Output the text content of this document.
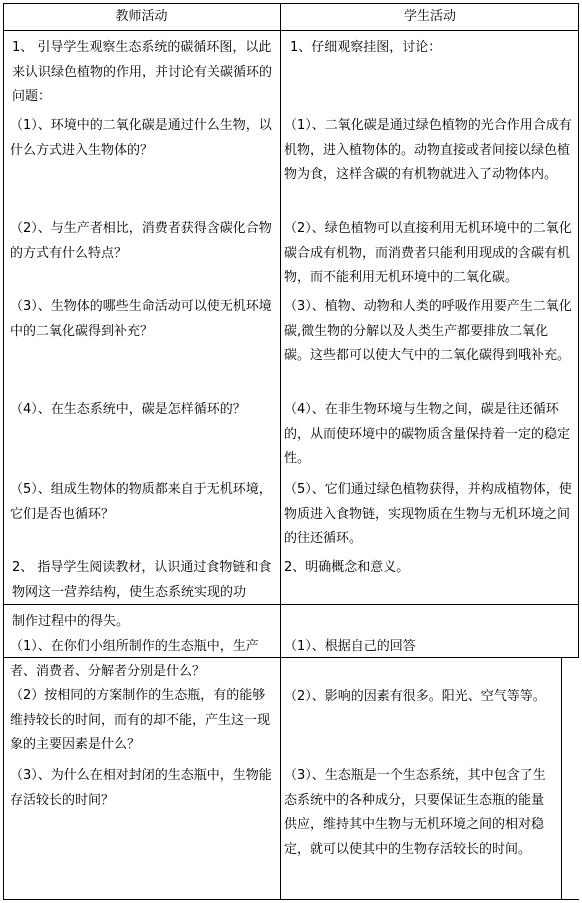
教师活动	学生活动
1、 引导学生观察生态系统的碳循环图，以此来认识绿色植物的作用，并讨论有关碳循环的问题：
（1）、环境中的二氧化碳是通过什么生物，以什么方式进入生物体的？
（2）、与生产者相比，消费者获得含碳化合物的方式有什么特点？
（3）、生物体的哪些生命活动可以使无机环境中的二氧化碳得到补充？
（4）、在生态系统中，碳是怎样循环的？
（5）、组成生物体的物质都来自于无机环境，它们是否也循环？
2、 指导学生阅读教材，认识通过食物链和食物网这一营养结构，使生态系统实现的功
1、仔细观察挂图，讨论：
（1）、二氧化碳是通过绿色植物的光合作用合成有机物，进入植物体的。动物直接或者间接以绿色植物为食，这样含碳的有机物就进入了动物体内。
（2）、绿色植物可以直接利用无机环境中的二氧化碳合成有机物，而消费者只能利用现成的含碳有机物，而不能利用无机环境中的二氧化碳。
（3）、植物、动物和人类的呼吸作用要产生二氧化碳,微生物的分解以及人类生产都要排放二氧化碳。这些都可以使大气中的二氧化碳得到哦补充。
（4）、在非生物环境与生物之间，碳是往还循环的，从而使环境中的碳物质含量保持着一定的稳定性。
（5）、它们通过绿色植物获得，并构成植物体，使物质进入食物链，实现物质在生物与无机环境之间的往还循环。
2、明确概念和意义。
制作过程中的得失。
（1）、在你们小组所制作的生态瓶中，生产者、消费者、分解者分别是什么？
（2）按相同的方案制作的生态瓶，有的能够维持较长的时间，而有的却不能，产生这一现象的主要因素是什么？
（3）、为什么在相对封闭的生态瓶中，生物能存活较长的时间？
（1）、根据自己的回答
（2）、影响的因素有很多。阳光、空气等等。
（3）、生态瓶是一个生态系统，其中包含了生态系统中的各种成分，只要保证生态瓶的能量供应，维持其中生物与无机环境之间的相对稳定，就可以使其中的生物存活较长的时间。
